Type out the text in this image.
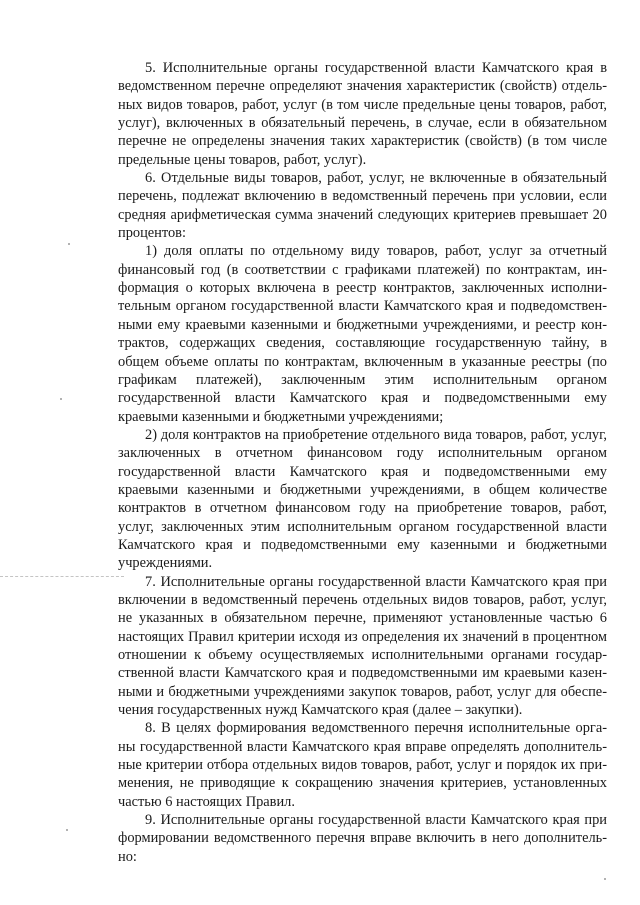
5. Исполнительные органы государственной власти Камчатского края в ведомственном перечне определяют значения характеристик (свойств) отдельных видов товаров, работ, услуг (в том числе предельные цены товаров, работ, услуг), включенных в обязательный перечень, в случае, если в обязательном перечне не определены значения таких характеристик (свойств) (в том числе предельные цены товаров, работ, услуг).

6. Отдельные виды товаров, работ, услуг, не включенные в обязательный перечень, подлежат включению в ведомственный перечень при условии, если средняя арифметическая сумма значений следующих критериев превышает 20 процентов:

1) доля оплаты по отдельному виду товаров, работ, услуг за отчетный финансовый год (в соответствии с графиками платежей) по контрактам, информация о которых включена в реестр контрактов, заключенных исполнительным органом государственной власти Камчатского края и подведомственными ему краевыми казенными и бюджетными учреждениями, и реестр контрактов, содержащих сведения, составляющие государственную тайну, в общем объеме оплаты по контрактам, включенным в указанные реестры (по графикам платежей), заключенным этим исполнительным органом государственной власти Камчатского края и подведомственными ему краевыми казенными и бюджетными учреждениями;

2) доля контрактов на приобретение отдельного вида товаров, работ, услуг, заключенных в отчетном финансовом году исполнительным органом государственной власти Камчатского края и подведомственными ему краевыми казенными и бюджетными учреждениями, в общем количестве контрактов в отчетном финансовом году на приобретение товаров, работ, услуг, заключенных этим исполнительным органом государственной власти Камчатского края и подведомственными ему казенными и бюджетными учреждениями.

7. Исполнительные органы государственной власти Камчатского края при включении в ведомственный перечень отдельных видов товаров, работ, услуг, не указанных в обязательном перечне, применяют установленные частью 6 настоящих Правил критерии исходя из определения их значений в процентном отношении к объему осуществляемых исполнительными органами государственной власти Камчатского края и подведомственными им краевыми казенными и бюджетными учреждениями закупок товаров, работ, услуг для обеспечения государственных нужд Камчатского края (далее – закупки).

8. В целях формирования ведомственного перечня исполнительные органы государственной власти Камчатского края вправе определять дополнительные критерии отбора отдельных видов товаров, работ, услуг и порядок их применения, не приводящие к сокращению значения критериев, установленных частью 6 настоящих Правил.

9. Исполнительные органы государственной власти Камчатского края при формировании ведомственного перечня вправе включить в него дополнительно:
